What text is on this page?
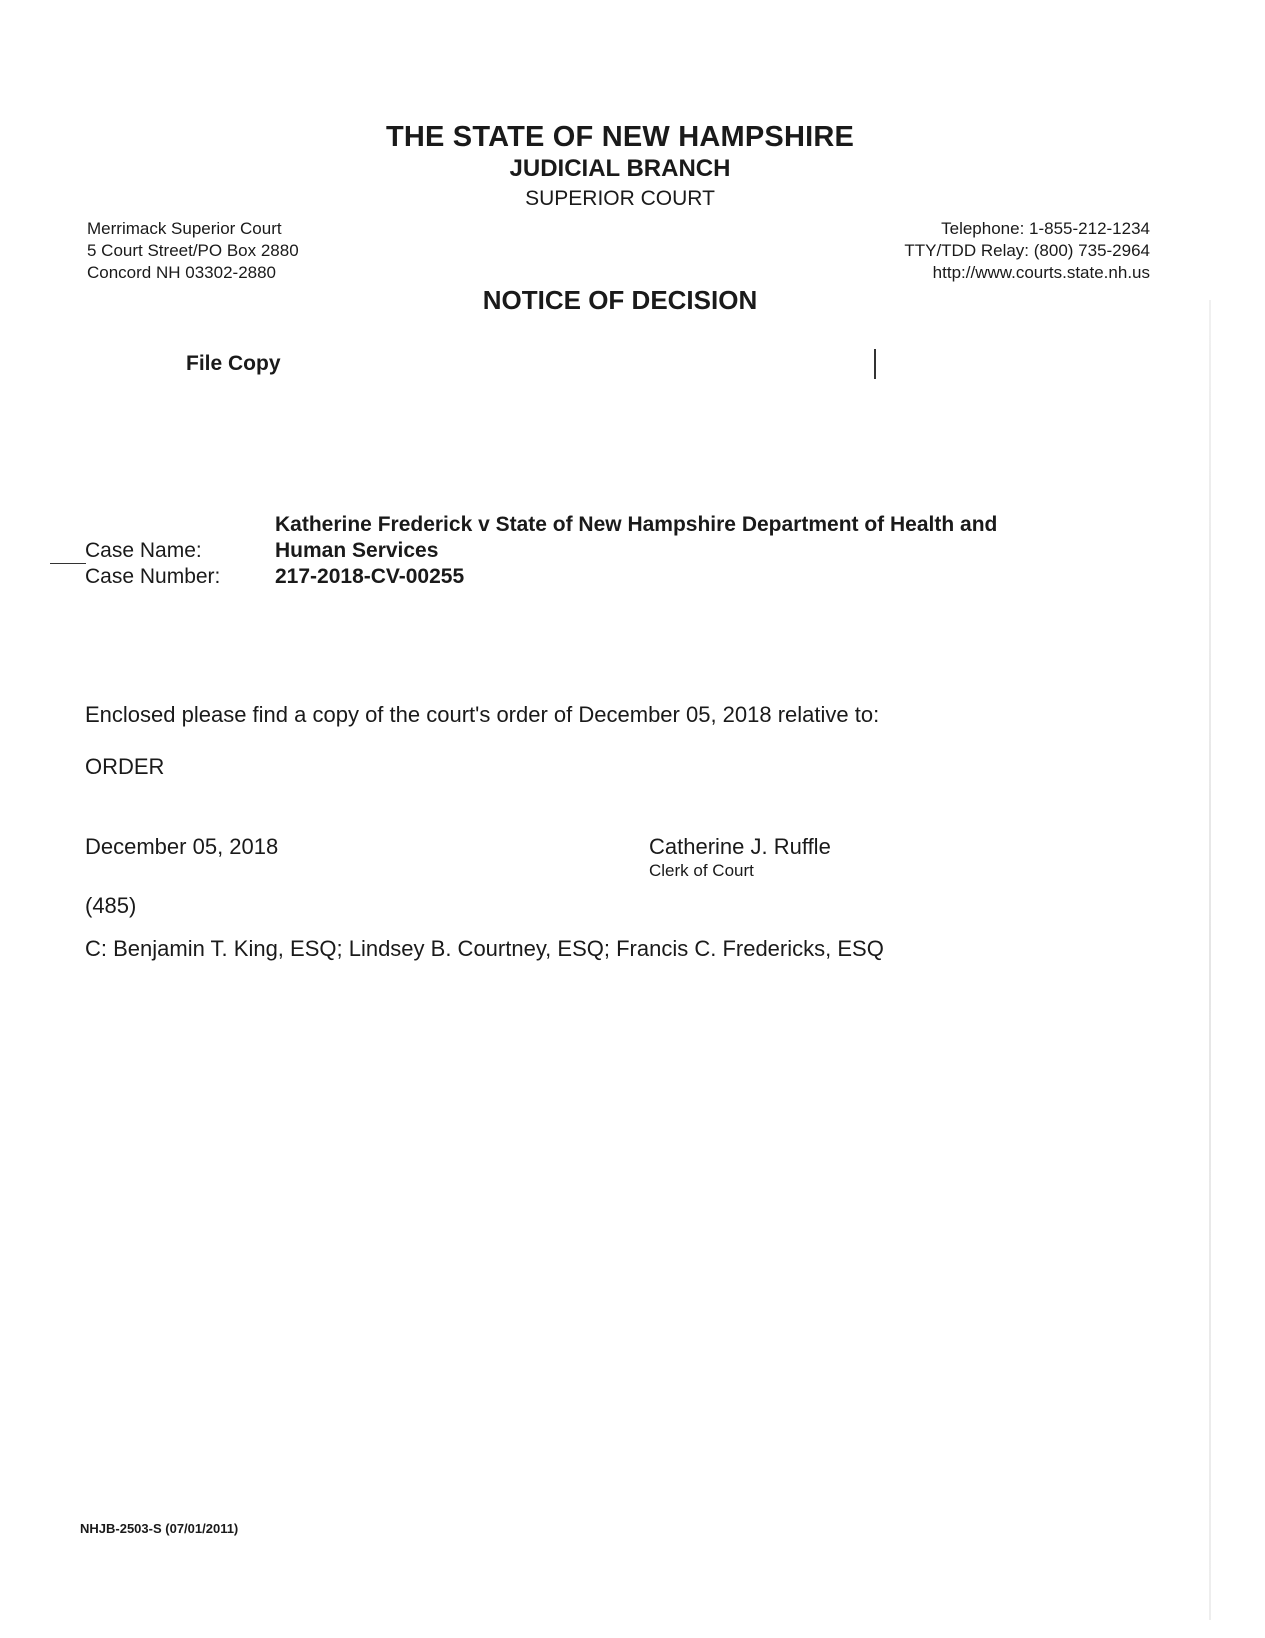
THE STATE OF NEW HAMPSHIRE
JUDICIAL BRANCH
SUPERIOR COURT
Merrimack Superior Court
5 Court Street/PO Box 2880
Concord NH 03302-2880
Telephone: 1-855-212-1234
TTY/TDD Relay: (800) 735-2964
http://www.courts.state.nh.us
NOTICE OF DECISION
File Copy
Katherine Frederick v State of New Hampshire Department of Health and
Human Services
Case Name:
Case Number:	217-2018-CV-00255
Enclosed please find a copy of the court's order of December 05, 2018 relative to:
ORDER
December 05, 2018	Catherine J. Ruffle
Clerk of Court
(485)
C: Benjamin T. King, ESQ; Lindsey B. Courtney, ESQ; Francis C. Fredericks, ESQ
NHJB-2503-S (07/01/2011)
